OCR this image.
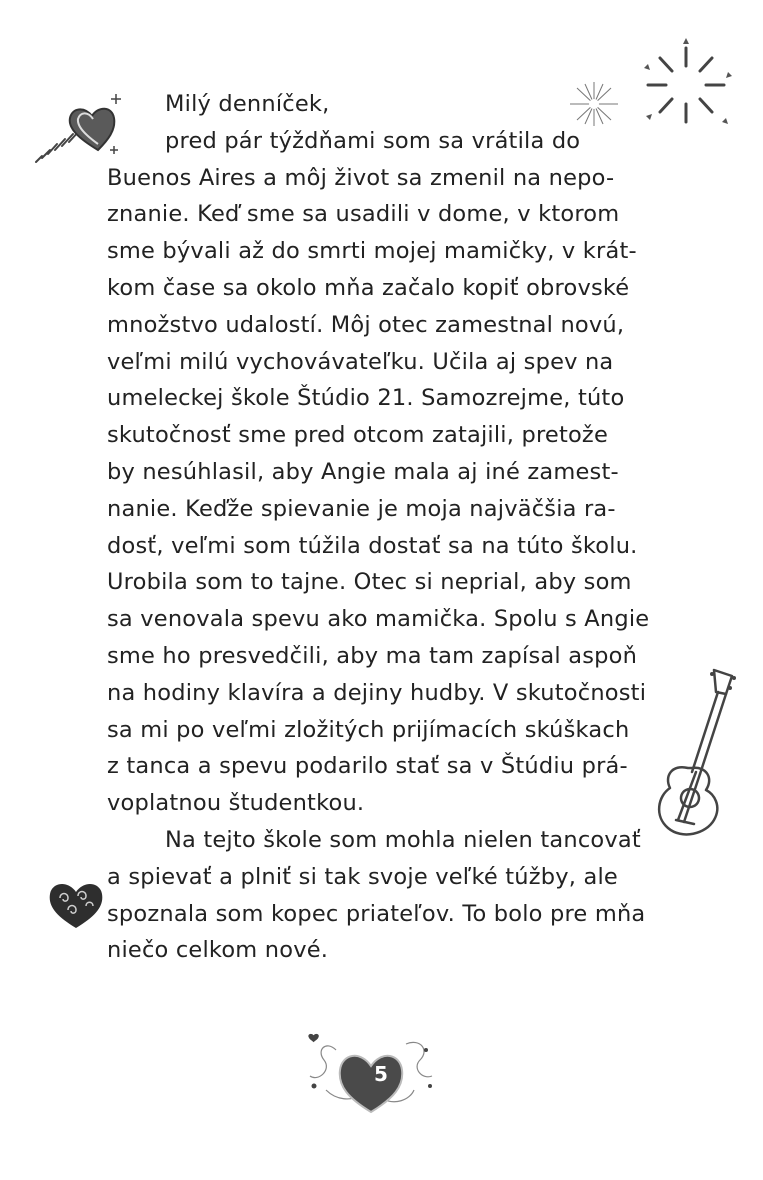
Milý denníček,
pred pár týždňami som sa vrátila do
Buenos Aires a môj život sa zmenil na nepo-
znanie. Keď sme sa usadili v dome, v ktorom
sme bývali až do smrti mojej mamičky, v krát-
kom čase sa okolo mňa začalo kopiť obrovské
množstvo udalostí. Môj otec zamestnal novú,
veľmi milú vychovávateľku. Učila aj spev na
umeleckej škole Štúdio 21. Samozrejme, túto
skutočnosť sme pred otcom zatajili, pretože
by nesúhlasil, aby Angie mala aj iné zamest-
nanie. Keďže spievanie je moja najväčšia ra-
dosť, veľmi som túžila dostať sa na túto školu.
Urobila som to tajne. Otec si neprial, aby som
sa venovala spevu ako mamička. Spolu s Angie
sme ho presvedčili, aby ma tam zapísal aspoň
na hodiny klavíra a dejiny hudby. V skutočnosti
sa mi po veľmi zložitých prijímacích skúškach
z tanca a spevu podarilo stať sa v Štúdiu prá-
voplatnou študentkou.
Na tejto škole som mohla nielen tancovať
a spievať a plniť si tak svoje veľké túžby, ale
spoznala som kopec priateľov. To bolo pre mňa
niečo celkom nové.
5
